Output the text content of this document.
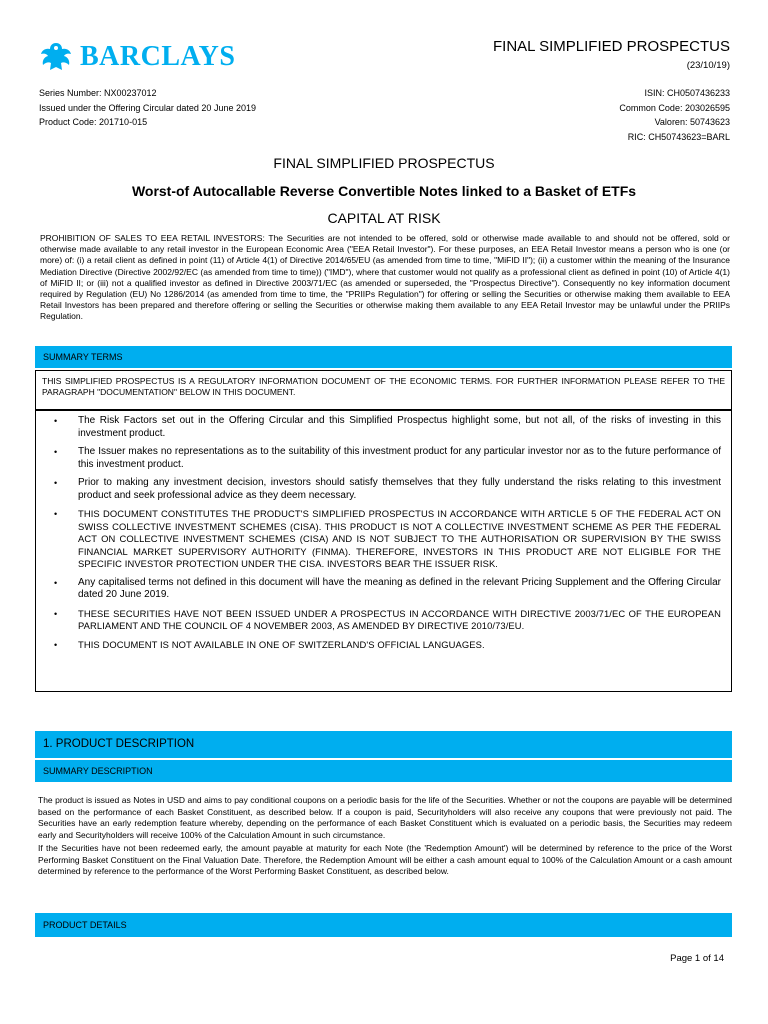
BARCLAYS	FINAL SIMPLIFIED PROSPECTUS
(23/10/19)
Series Number: NX00237012
Issued under the Offering Circular dated 20 June 2019
Product Code: 201710-015
ISIN: CH0507436233
Common Code: 203026595
Valoren: 50743623
RIC: CH50743623=BARL
FINAL SIMPLIFIED PROSPECTUS
Worst-of Autocallable Reverse Convertible Notes linked to a Basket of ETFs
CAPITAL AT RISK
PROHIBITION OF SALES TO EEA RETAIL INVESTORS: The Securities are not intended to be offered, sold or otherwise made available to and should not be offered, sold or otherwise made available to any retail investor in the European Economic Area ("EEA Retail Investor"). For these purposes, an EEA Retail Investor means a person who is one (or more) of: (i) a retail client as defined in point (11) of Article 4(1) of Directive 2014/65/EU (as amended from time to time, "MiFID II"); (ii) a customer within the meaning of the Insurance Mediation Directive (Directive 2002/92/EC (as amended from time to time)) ("IMD"), where that customer would not qualify as a professional client as defined in point (10) of Article 4(1) of MiFID II; or (iii) not a qualified investor as defined in Directive 2003/71/EC (as amended or superseded, the "Prospectus Directive"). Consequently no key information document required by Regulation (EU) No 1286/2014 (as amended from time to time, the "PRIIPs Regulation") for offering or selling the Securities or otherwise making them available to EEA Retail Investors has been prepared and therefore offering or selling the Securities or otherwise making them available to any EEA Retail Investor may be unlawful under the PRIIPs Regulation.
SUMMARY TERMS
THIS SIMPLIFIED PROSPECTUS IS A REGULATORY INFORMATION DOCUMENT OF THE ECONOMIC TERMS. FOR FURTHER INFORMATION PLEASE REFER TO THE PARAGRAPH "DOCUMENTATION" BELOW IN THIS DOCUMENT.
•	The Risk Factors set out in the Offering Circular and this Simplified Prospectus highlight some, but not all, of the risks of investing in this investment product.
•	The Issuer makes no representations as to the suitability of this investment product for any particular investor nor as to the future performance of this investment product.
•	Prior to making any investment decision, investors should satisfy themselves that they fully understand the risks relating to this investment product and seek professional advice as they deem necessary.
•	THIS DOCUMENT CONSTITUTES THE PRODUCT'S SIMPLIFIED PROSPECTUS IN ACCORDANCE WITH ARTICLE 5 OF THE FEDERAL ACT ON SWISS COLLECTIVE INVESTMENT SCHEMES (CISA). THIS PRODUCT IS NOT A COLLECTIVE INVESTMENT SCHEME AS PER THE FEDERAL ACT ON COLLECTIVE INVESTMENT SCHEMES (CISA) AND IS NOT SUBJECT TO THE AUTHORISATION OR SUPERVISION BY THE SWISS FINANCIAL MARKET SUPERVISORY AUTHORITY (FINMA). THEREFORE, INVESTORS IN THIS PRODUCT ARE NOT ELIGIBLE FOR THE SPECIFIC INVESTOR PROTECTION UNDER THE CISA. INVESTORS BEAR THE ISSUER RISK.
•	Any capitalised terms not defined in this document will have the meaning as defined in the relevant Pricing Supplement and the Offering Circular dated 20 June 2019.
•	THESE SECURITIES HAVE NOT BEEN ISSUED UNDER A PROSPECTUS IN ACCORDANCE WITH DIRECTIVE 2003/71/EC OF THE EUROPEAN PARLIAMENT AND THE COUNCIL OF 4 NOVEMBER 2003, AS AMENDED BY DIRECTIVE 2010/73/EU.
•	THIS DOCUMENT IS NOT AVAILABLE IN ONE OF SWITZERLAND'S OFFICIAL LANGUAGES.
1. PRODUCT DESCRIPTION
SUMMARY DESCRIPTION
The product is issued as Notes in USD and aims to pay conditional coupons on a periodic basis for the life of the Securities. Whether or not the coupons are payable will be determined based on the performance of each Basket Constituent, as described below. If a coupon is paid, Securityholders will also receive any coupons that were previously not paid. The Securities have an early redemption feature whereby, depending on the performance of each Basket Constituent which is evaluated on a periodic basis, the Securities may redeem early and Securityholders will receive 100% of the Calculation Amount in such circumstance.
If the Securities have not been redeemed early, the amount payable at maturity for each Note (the 'Redemption Amount') will be determined by reference to the price of the Worst Performing Basket Constituent on the Final Valuation Date. Therefore, the Redemption Amount will be either a cash amount equal to 100% of the Calculation Amount or a cash amount determined by reference to the performance of the Worst Performing Basket Constituent, as described below.
PRODUCT DETAILS
Page 1 of 14
